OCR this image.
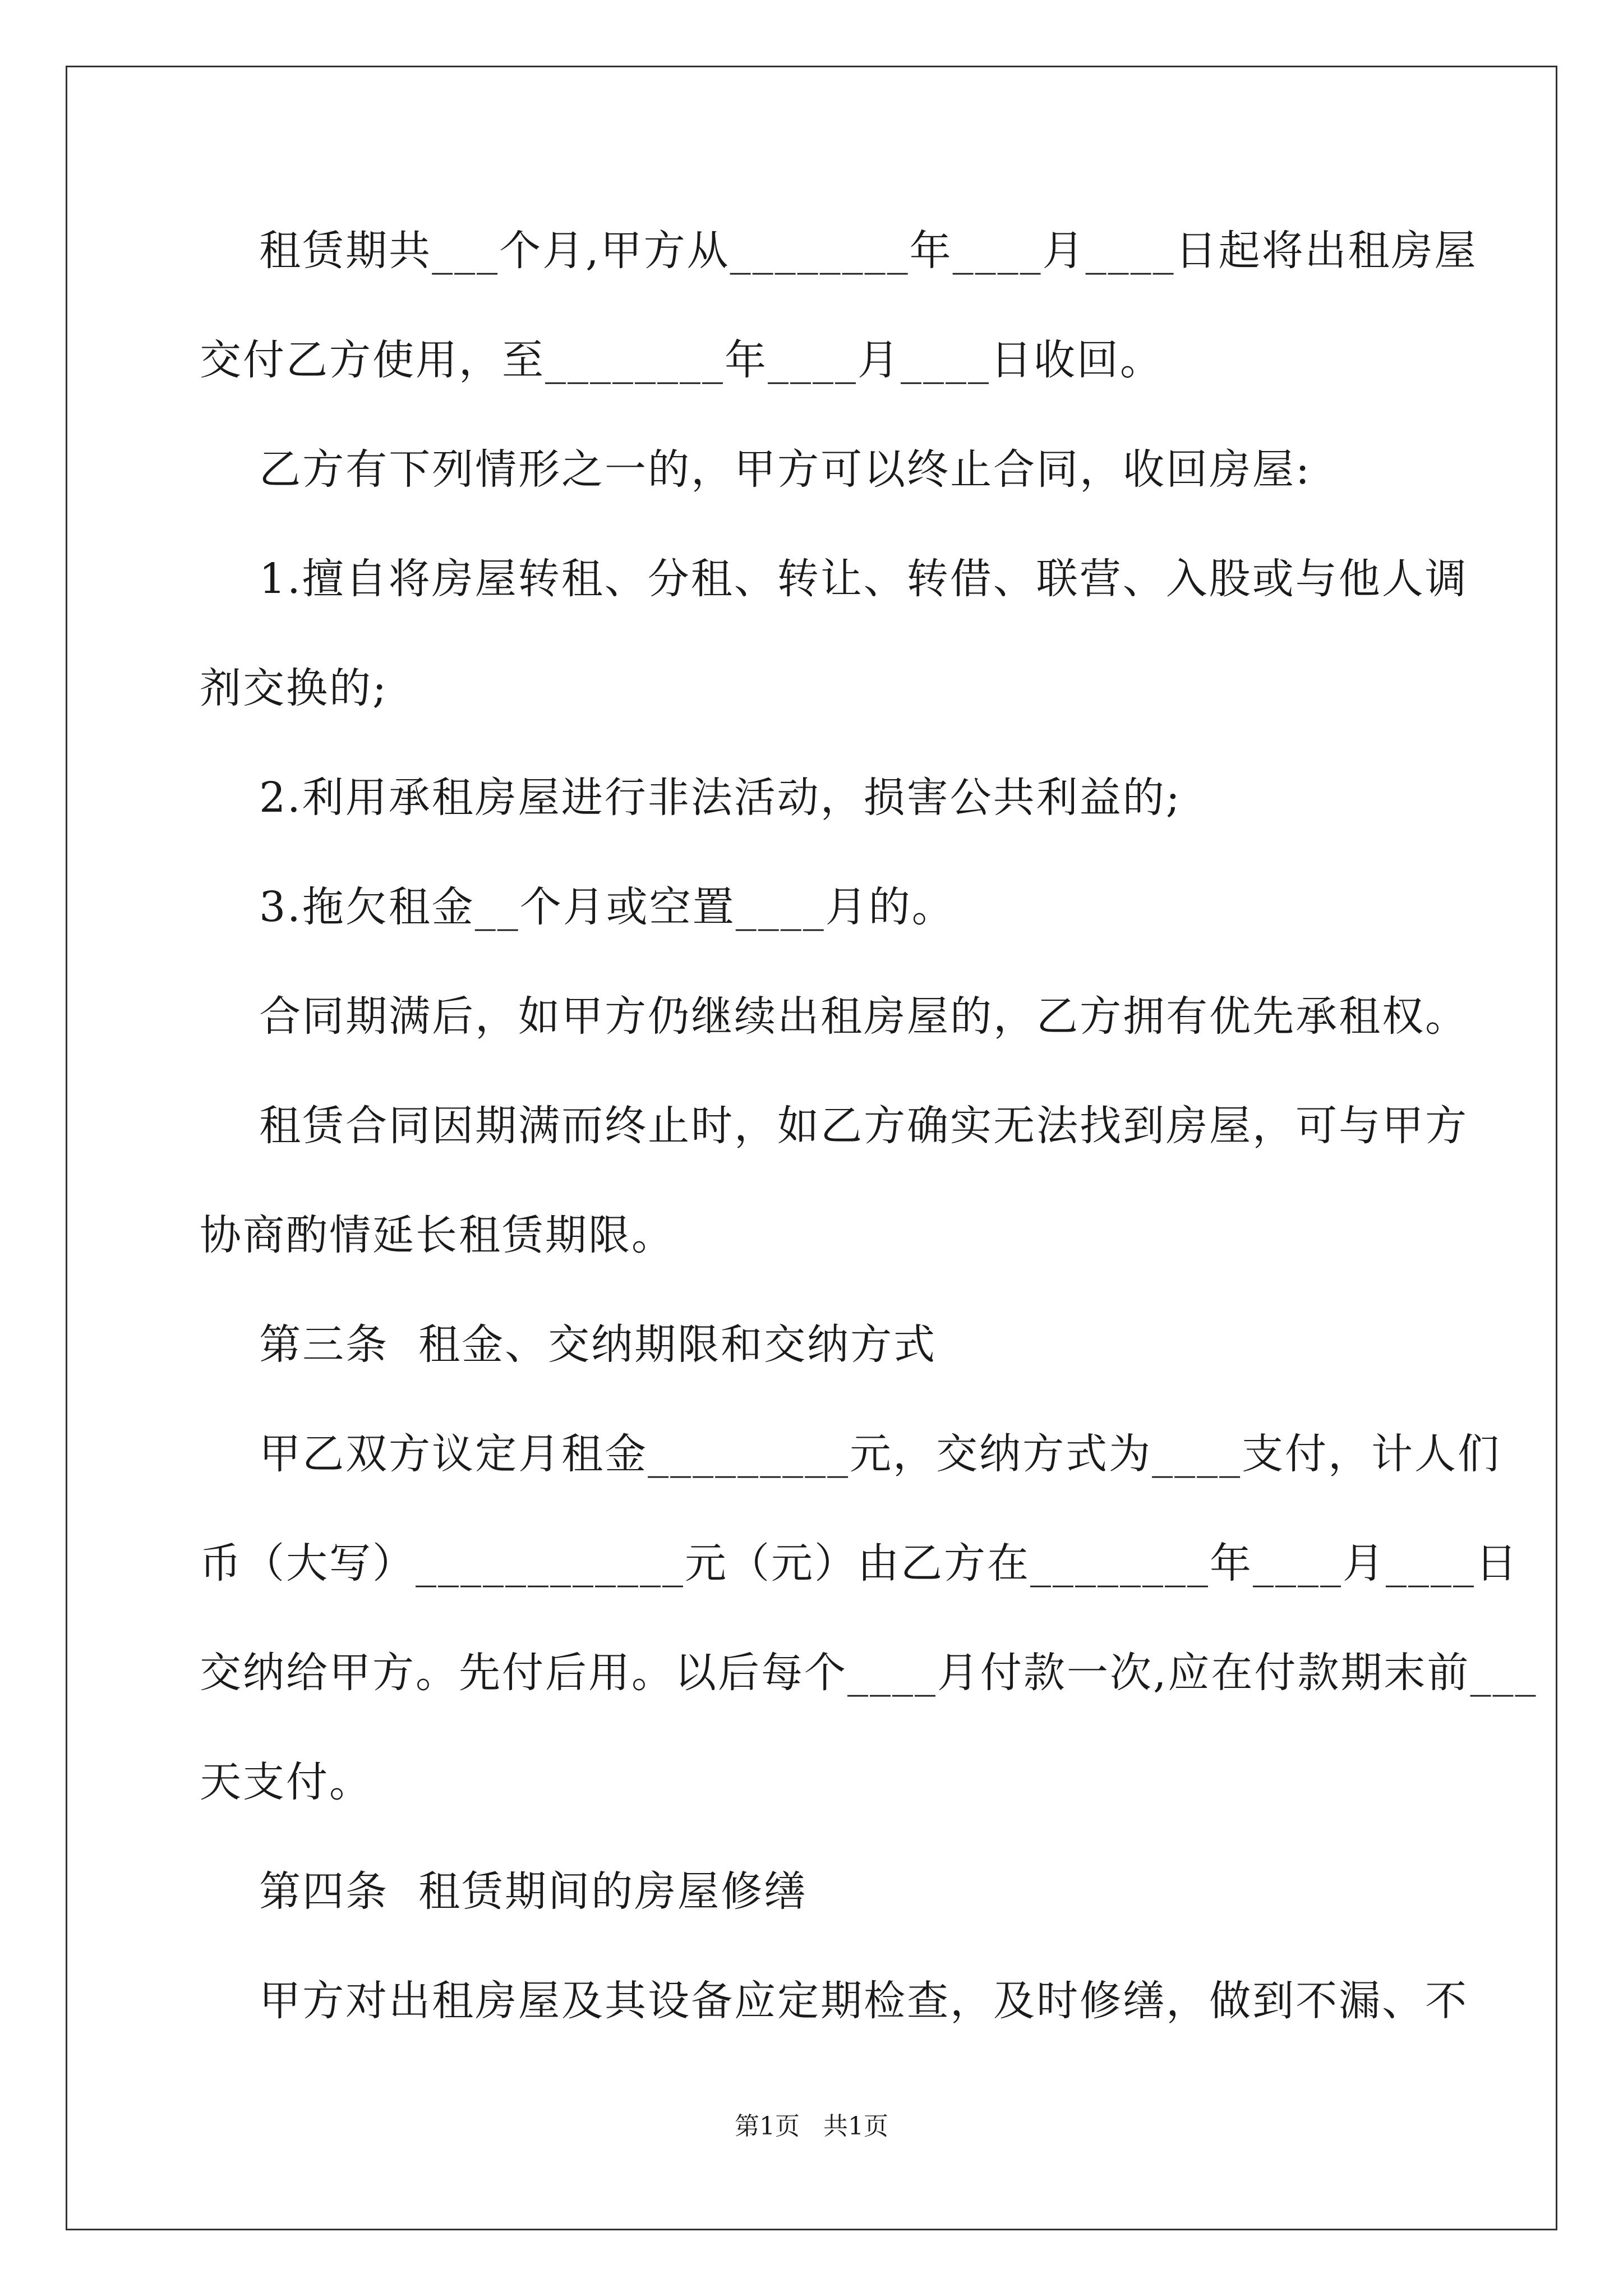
租赁期共___个月,甲方从________年____月____日起将出租房屋

交付乙方使用，至________年____月____日收回。

乙方有下列情形之一的，甲方可以终止合同，收回房屋:

1.擅自将房屋转租、分租、转让、转借、联营、入股或与他人调

剂交换的;

2.利用承租房屋进行非法活动，损害公共利益的;

3.拖欠租金__个月或空置____月的。

合同期满后，如甲方仍继续出租房屋的，乙方拥有优先承租权。

租赁合同因期满而终止时，如乙方确实无法找到房屋，可与甲方

协商酌情延长租赁期限。

第三条  租金、交纳期限和交纳方式

甲乙双方议定月租金_________元，交纳方式为____支付，计人们

币（大写）____________元（元）由乙方在________年____月____日

交纳给甲方。先付后用。以后每个____月付款一次,应在付款期末前___

天支付。

第四条  租赁期间的房屋修缮

甲方对出租房屋及其设备应定期检查，及时修缮，做到不漏、不

第1页   共1页
